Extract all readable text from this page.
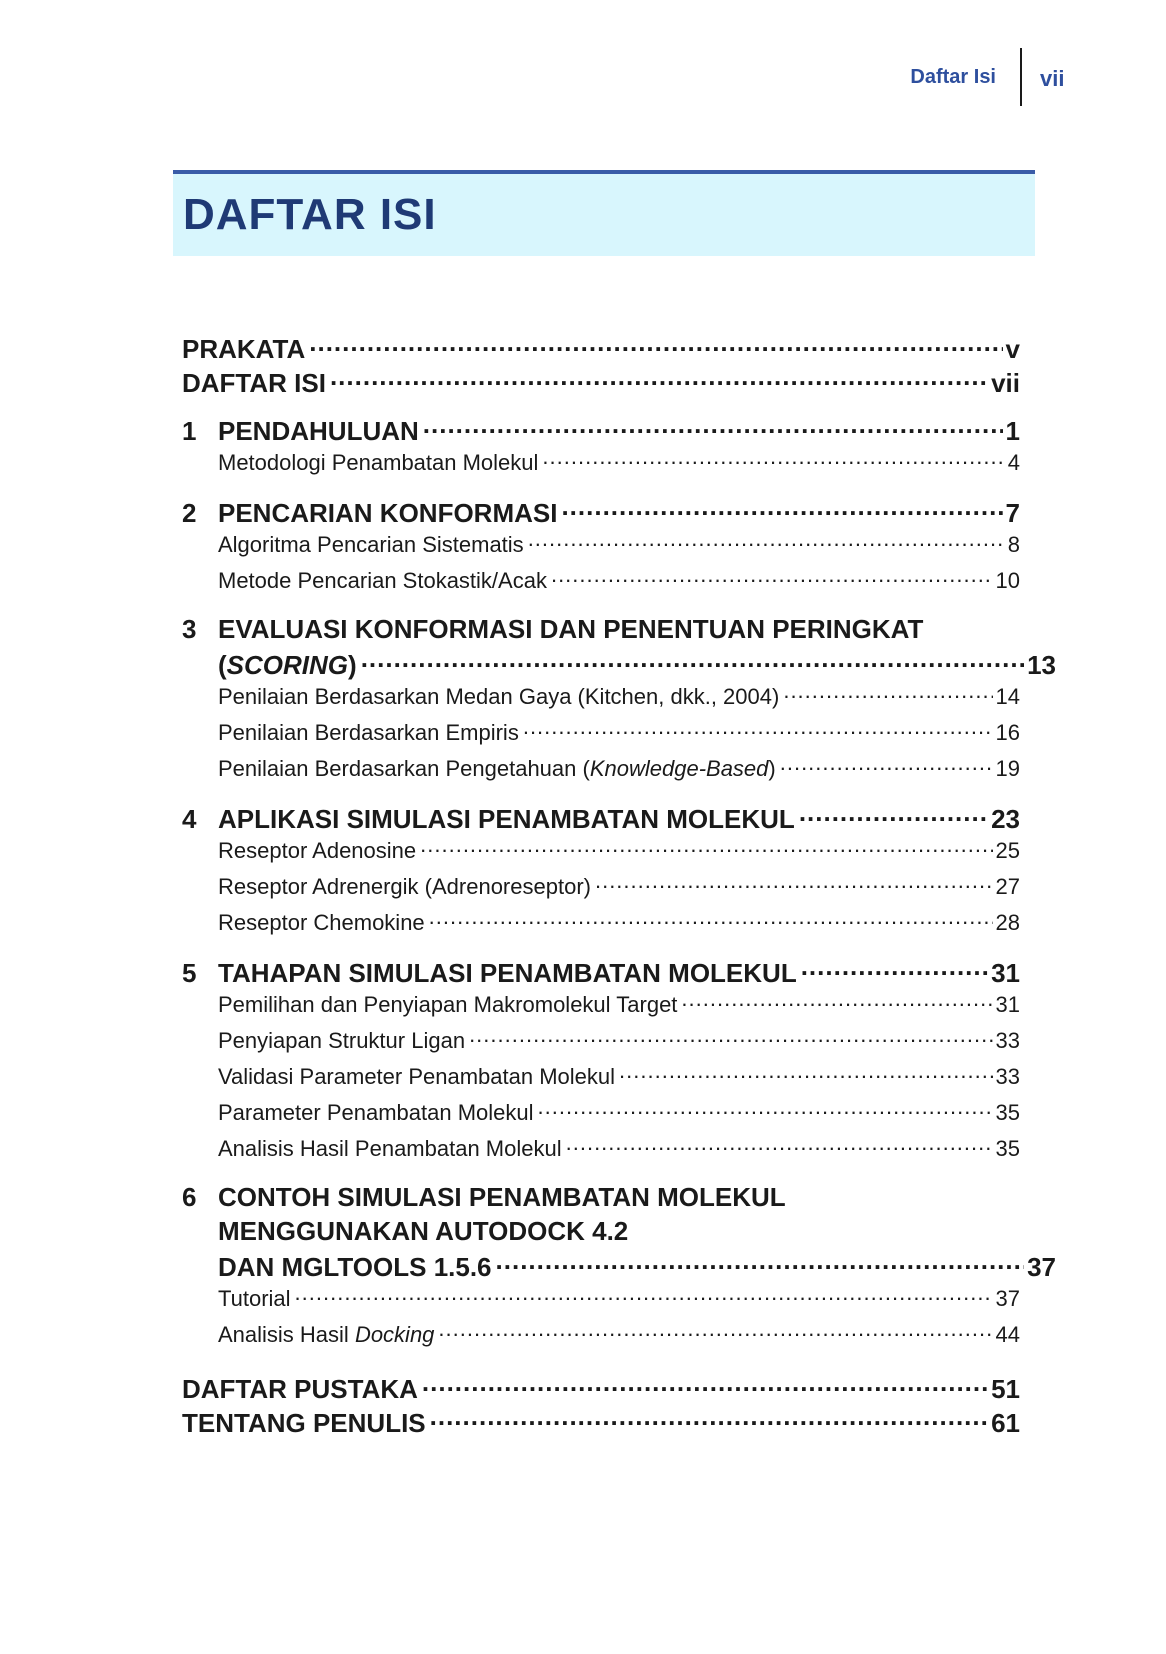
Daftar Isi vii
DAFTAR ISI
PRAKATA .....	v
DAFTAR ISI .....	vii
1 PENDAHULUAN .....	1
Metodologi Penambatan Molekul .....	4
2 PENCARIAN KONFORMASI .....	7
Algoritma Pencarian Sistematis .....	8
Metode Pencarian Stokastik/Acak .....	10
3 EVALUASI KONFORMASI DAN PENENTUAN PERINGKAT
(SCORING) .....	13
Penilaian Berdasarkan Medan Gaya (Kitchen, dkk., 2004) .....	14
Penilaian Berdasarkan Empiris .....	16
Penilaian Berdasarkan Pengetahuan (Knowledge-Based) .....	19
4 APLIKASI SIMULASI PENAMBATAN MOLEKUL .....	23
Reseptor Adenosine .....	25
Reseptor Adrenergik (Adrenoreseptor) .....	27
Reseptor Chemokine .....	28
5 TAHAPAN SIMULASI PENAMBATAN MOLEKUL .....	31
Pemilihan dan Penyiapan Makromolekul Target .....	31
Penyiapan Struktur Ligan .....	33
Validasi Parameter Penambatan Molekul .....	33
Parameter Penambatan Molekul .....	35
Analisis Hasil Penambatan Molekul .....	35
6 CONTOH SIMULASI PENAMBATAN MOLEKUL
MENGGUNAKAN AUTODOCK 4.2
DAN MGLTOOLS 1.5.6 .....	37
Tutorial .....	37
Analisis Hasil Docking .....	44
DAFTAR PUSTAKA .....	51
TENTANG PENULIS .....	61
